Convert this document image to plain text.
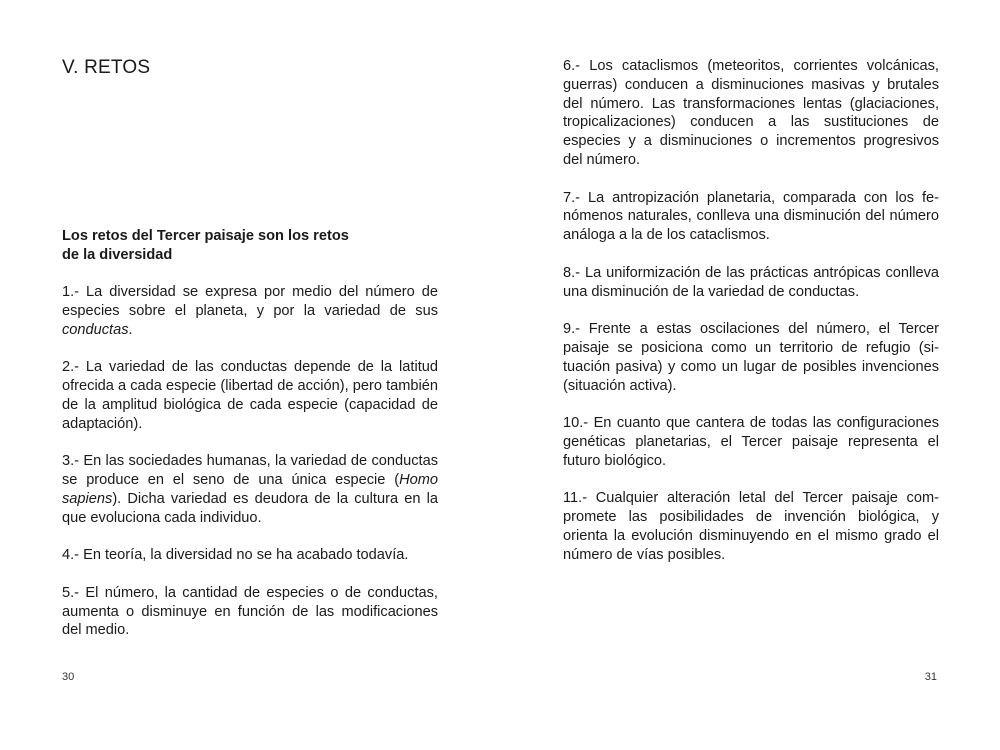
V. RETOS
Los retos del Tercer paisaje son los retos
de la diversidad

1.- La diversidad se expresa por medio del número de especies sobre el planeta, y por la variedad de sus conductas.

2.- La variedad de las conductas depende de la latitud ofrecida a cada especie (libertad de acción), pero también de la amplitud biológica de cada especie (capacidad de adaptación).

3.- En las sociedades humanas, la variedad de conductas se produce en el seno de una única especie (Homo sapiens). Dicha variedad es deudora de la cultura en la que evoluciona cada individuo.

4.- En teoría, la diversidad no se ha acabado todavía.

5.- El número, la cantidad de especies o de conductas, aumenta o disminuye en función de las modificaciones del medio.

30

6.- Los cataclismos (meteoritos, corrientes volcánicas, guerras) conducen a disminuciones masivas y brutales del número. Las transformaciones lentas (glaciaciones, tropicalizaciones) conducen a las sustituciones de especies y a disminuciones o incrementos progresivos del número.

7.- La antropización planetaria, comparada con los fenómenos naturales, conlleva una disminución del número análoga a la de los cataclismos.

8.- La uniformización de las prácticas antrópicas conlleva una disminución de la variedad de conductas.

9.- Frente a estas oscilaciones del número, el Tercer paisaje se posiciona como un territorio de refugio (situación pasiva) y como un lugar de posibles invenciones (situación activa).

10.- En cuanto que cantera de todas las configuraciones genéticas planetarias, el Tercer paisaje representa el futuro biológico.

11.- Cualquier alteración letal del Tercer paisaje compromete las posibilidades de invención biológica, y orienta la evolución disminuyendo en el mismo grado el número de vías posibles.

31
